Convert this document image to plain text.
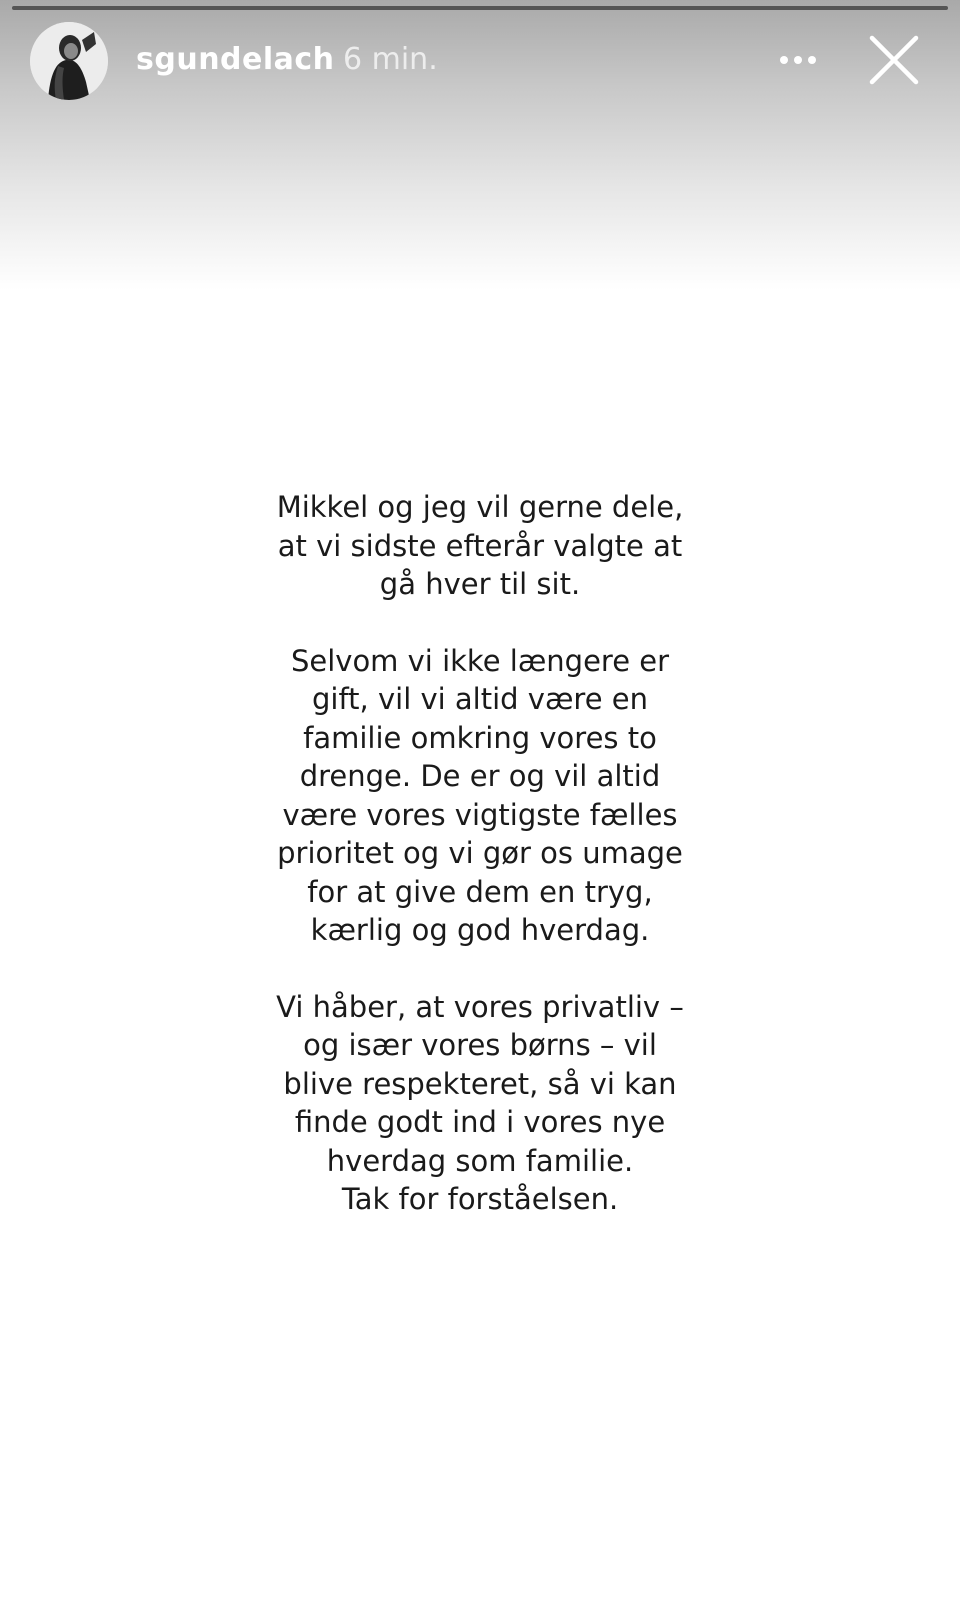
sgundelach 6 min.

Mikkel og jeg vil gerne dele,
at vi sidste efterår valgte at
gå hver til sit.

Selvom vi ikke længere er
gift, vil vi altid være en
familie omkring vores to
drenge. De er og vil altid
være vores vigtigste fælles
prioritet og vi gør os umage
for at give dem en tryg,
kærlig og god hverdag.

Vi håber, at vores privatliv –
og især vores børns – vil
blive respekteret, så vi kan
finde godt ind i vores nye
hverdag som familie.
Tak for forståelsen.
